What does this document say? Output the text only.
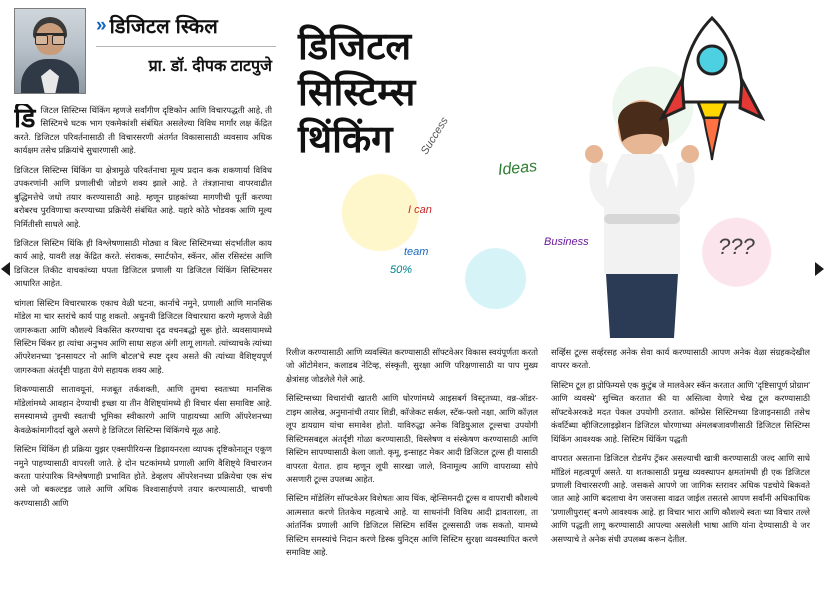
» डिजिटल स्किल
प्रा. डॉ. दीपक टाटपुजे डिजिटल
सिस्टिम्स
थिंकिंग
Ideas
Success
I can
team
Business
50%
???

डिजिटल सिस्टिम्स थिंकिंग म्हणजे सर्वांगीण दृष्टिकोन आणि विचारपद्धती आहे, ती सिस्टिमचे घटक भाग एकमेकांशी संबंधित असलेल्या विविध मार्गांर लक्ष केंद्रित करते. डिजिटल परिवर्तनासाठी ती विचारसरणी अंतर्गत विकासासाठी व्यवसाय अधिक कार्यक्षम तसेच प्रक्रियांचे सुधारणासी आहे.

डिजिटल सिस्टिम्स थिंकिंग या क्षेत्रामुळे परिवर्तनाचा मूल्य प्रदान कक शकणार्या विविध उपकरणांनी आणि प्रणालीची जोडणे शक्य झाले आहे. ते तंत्रज्ञानाचा वापरवाढीत बुद्धिमत्तेचे जधो तयार करण्यासाठी आहे. म्हणून ग्राहकांच्या मागणीची पूर्ती करण्या बरोबरच पुरविणाचा करण्याच्या प्रक्रियेरी संबंधित आहे. यहारे कोठे भोडवक आणि मूल्य निर्मितीसी साधले आहे.

डिजिटल सिस्टिम थिंकि ही विश्लेषणासाठी मोठ्या व बिल्ट सिस्टिमच्या संदर्भातील काय कार्य आहे, यावरी लक्ष केंद्रित करते. संराकक, स्मार्टफोन, स्कॅनर, ऑस रसिस्टंस आणि डिजिटल तिकीट वाचकांच्या घपता डिजिटल प्रणाली या डिजिटल थिंकिंग सिस्टिमसर आधारित आहेत.

चांगला सिस्टिम विचारधारक एकाच वेळी घटना, कार्नाचे नमुने, प्रणाली आणि मानसिक मॉडेल मा चार स्तरांचे कार्य पाहू शकतो. अधुनवी डिजिटल विचारधारा करणे म्हणजे वेळी जागरूकता आणि कौशल्ये विकसित करण्याचा दृढ वचनबद्धो सुरू होते. व्यवसायामध्ये सिस्टिम थिंकर हा त्यांचा अनुभव आणि साधा सहज अंगी लागू लागतो. त्यांच्याचके त्यांच्या ऑपरेशनच्या 'इनसायटर नो आणि बोटल'चे स्पष्ट दृश्य असते की त्यांच्या वैशिष्ट्यपूर्ण जागरुकता अंतर्दृष्टी पाहता येणे सहायक शक्य आहे.

शिकण्यासाठी सातावयूनां, मजबूत तर्कशक्ती, आणि तुमचा स्वतःच्या मानसिक मॉडेलांमध्ये आवहान देण्याची इच्छा या तीन वैशिष्ट्यांमध्ये ही विचार र्थसा समाविष्ट आहे. समस्यामध्ये तुमची स्वतःची भूमिका स्वीकारणे आणि पाहायच्या आणि ऑपरेशनच्या केवळेकांमागीदर्दा खुले असणे हे डिजिटल सिस्टिम्स थिंकिंगचे मूळ आहे.

सिस्टिम थिंकिंग ही प्रक्रिया युझर एक्सपीरियन्स डिझायनरला व्यापक दृष्टिकोनातून एकूण नमुने पाहण्यासाठी वापरली जाते. हे दोन घटकांमध्ये प्रणाली आणि वैशिष्ट्ये विचारजन करता पारंपारिक विश्लेषणाही प्रभावित होते. डेव्हलप ऑपरेशनच्या प्रक्रियेचा एक संच असे जो बकल्टइड जाले आणि अधिक विश्वासार्हपणे तयार करण्यासाठी, चाचणी करण्यासाठी आणि

रिलीज करण्यासाठी आणि व्यवस्थित करण्यासाठी सॉफ्टवेअर विकास स्वयंपूर्णता करतो जो ऑटोमेशन, कलाडब नेटिव्ह, संस्कृती, सुरक्षा आणि परिक्षणासाठी या पाप मुख्य क्षेत्रांसह जोडलेले गेले आहे.

सिस्टिम्सच्या विचारांची खातरी आणि धोरणांमध्ये आइसबर्ग विस्टृतध्या, वन्न-ऑडर-टाइम आलेख, अनुमानांची तयार शिडी, कॉजेकट सर्कल, स्टॅक-फ्लो नक्षा, आणि कॉज़ल लूप डायग्राम यांचा समावेश होतो. याविरुद्धा अनेक विडियुआल टूल्सचा उपयोगी सिस्टिमसबद्दल अंतर्दृष्टी गोळा करण्यासाठी, विस्लेषण व संस्केषण करण्यासाठी आणि सिस्टिम सापण्यासाठी केला जातो. कृमू, इन्साहट मेकर आदी डिजिटल टूल्स ही यासाठी वापरता येतात. हाय म्हणून लूपी सारखा जाले, विनामूल्य आणि वापराव्या सोपे असणारी टूल्स उपलब्ध आहेत.

सिस्टिम मॉडेलिंग सॉफ्टवेअर विशेषतः आय थिंक, व्हेन्सिमनदी टूल्स व वापराची कौशल्ये आत्मसात करणे तितकेच महत्वाचे आहे. या साधनांनी विविध आदी द्रावतारला, ता आंतर्निक प्रणाली आणि डिजिटल सिस्टिम सर्विस टूल्ससाठी जक सकतो, यामध्ये सिस्टिम समस्यांचे निदान करणे डिस्क युनिट्स आणि सिस्टिम सुरक्षा व्यवस्थापित करणे समाविष्ट आहे.

सर्व्हिस टूल्स सर्व्हरसह अनेक सेवा कार्य करण्यासाठी आपण अनेक वेळा संग्रहकदेखील वापरर करतो.

सिस्टिम टूल हा प्रोफिम्यसे एक कुटुंब जे मालवेअर स्कॅन करतात आणि 'दृष्टिसापूर्ण प्रोग्राम' आणि व्यवस्थे' सुच्चित करतात की या अस्तित्वा येणारे चेख टूल करण्यासाठी सॉफ्टवेअरकडे मदत पेकल उपयोगी ठरतात. कॉम्प्रेस सिस्टिमच्या डिजाइनसाठी तसेच कंवर्टिब्या व्हीजिटलाइझेशन डिजिटल धोरणाच्या अंमलबजावणीसाठी डिजिटल सिस्टिम्स थिंकिंग आवश्यक आहे. सिस्टिम थिंकिंग पद्धती

वापरात असताना डिजिटल रोडमॅप ट्रॅकर असल्याची खात्री करण्यासाठी जल्द आणि साधे मॉडिलं महत्वपूर्ण असते. या शतकासाठी प्रमुख व्यवस्थापन क्षमतांमधी ही एक डिजिटल प्रणाली विचारसरणी आहे. जसकसे आपणे जा जागिक स्तरावर अधिक पडचोये बिकवते जात आहे आणि बदलाचा वेग जसजसा वाढत जाईल तसतसे आपण सर्वांनी अधिकाधिक 'प्रणालीपुरास्' बनणे आवश्यक आहे. हा विचार भारा आणि कौशल्ये स्वतः च्या विचार तल्ले आणि पद्धती लागू करण्यासाठी आपल्या असलेली भाषा आणि यांना देण्यासाठी ये जर असण्याचे ते अनेक संधी उपलब्ध करून देतील.
